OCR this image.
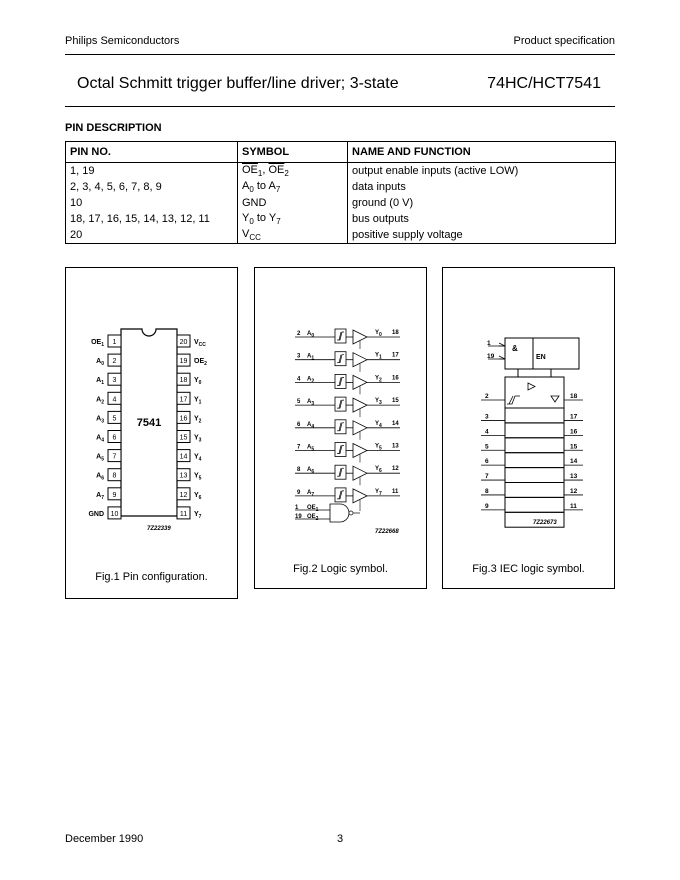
Philips Semiconductors	Product specification
Octal Schmitt trigger buffer/line driver; 3-state	74HC/HCT7541
PIN DESCRIPTION
PIN NO.	SYMBOL	NAME AND FUNCTION
1, 19	$\overline{OE}_1$, $\overline{OE}_2$	output enable inputs (active LOW)
2, 3, 4, 5, 6, 7, 8, 9	$A_0$ to $A_7$	data inputs
10	GND	ground (0 V)
18, 17, 16, 15, 14, 13, 12, 11	$Y_0$ to $Y_7$	bus outputs
20	$V_{CC}$	positive supply voltage
7541
1
$OE_1$
2
$A_0$
3
$A_1$
4
$A_2$
5
$A_3$
6
$A_4$
7
$A_5$
8
$A_6$
9
$A_7$
10
GND
20 $V_{CC}$
19 $OE_2$
18 $Y_0$
17 $Y_1$
16 $Y_2$
15 $Y_3$
14 $Y_4$
13 $Y_5$
12 $Y_6$
11 $Y_7$
7Z22339
Fig.1 Pin configuration.
2 $A_0$	$Y_0$ 18
3 $A_1$	$Y_1$ 17
4 $A_2$	$Y_2$ 16
5 $A_3$	$Y_3$ 15
6 $A_4$	$Y_4$ 14
7 $A_5$	$Y_5$ 13
8 $A_6$	$Y_6$ 12
9 $A_7$	$Y_7$ 11
1 $OE_1$
19 $OE_2$
7Z22668
Fig.2 Logic symbol.
&
EN
2
3
4
5
6
7
8
9
18
17
16
15
14
13
12
11
1
19
7Z22673
Fig.3 IEC logic symbol.
December 1990	3
